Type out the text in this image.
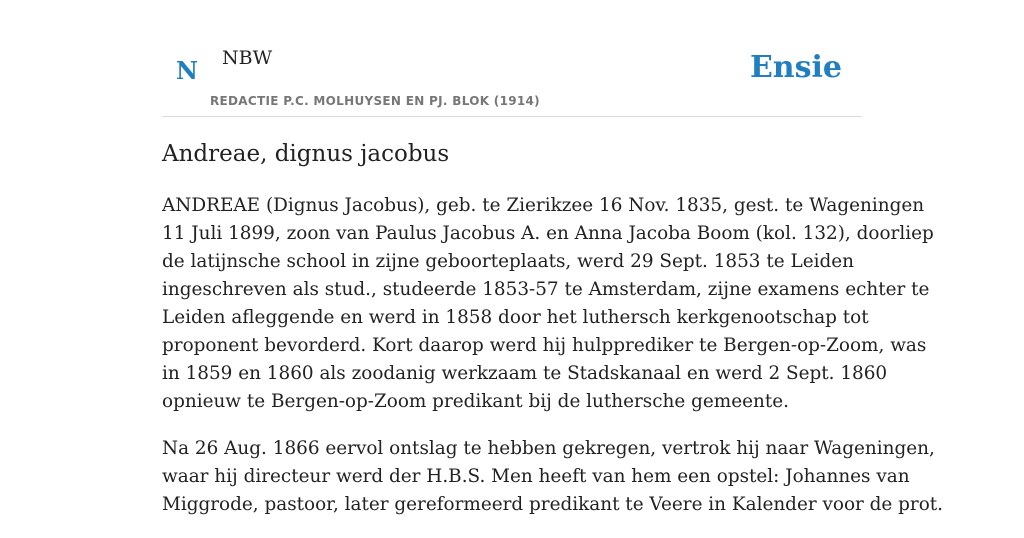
N NBW
REDACTIE P.C. MOLHUYSEN EN PJ. BLOK (1914)
Ensie
Andreae, dignus jacobus

ANDREAE (Dignus Jacobus), geb. te Zierikzee 16 Nov. 1835, gest. te Wageningen
11 Juli 1899, zoon van Paulus Jacobus A. en Anna Jacoba Boom (kol. 132), doorliep
de latijnsche school in zijne geboorteplaats, werd 29 Sept. 1853 te Leiden
ingeschreven als stud., studeerde 1853-57 te Amsterdam, zijne examens echter te
Leiden afleggende en werd in 1858 door het luthersch kerkgenootschap tot
proponent bevorderd. Kort daarop werd hij hulpprediker te Bergen-op-Zoom, was
in 1859 en 1860 als zoodanig werkzaam te Stadskanaal en werd 2 Sept. 1860
opnieuw te Bergen-op-Zoom predikant bij de luthersche gemeente.

Na 26 Aug. 1866 eervol ontslag te hebben gekregen, vertrok hij naar Wageningen,
waar hij directeur werd der H.B.S. Men heeft van hem een opstel: Johannes van
Miggrode, pastoor, later gereformeerd predikant te Veere in Kalender voor de prot.
